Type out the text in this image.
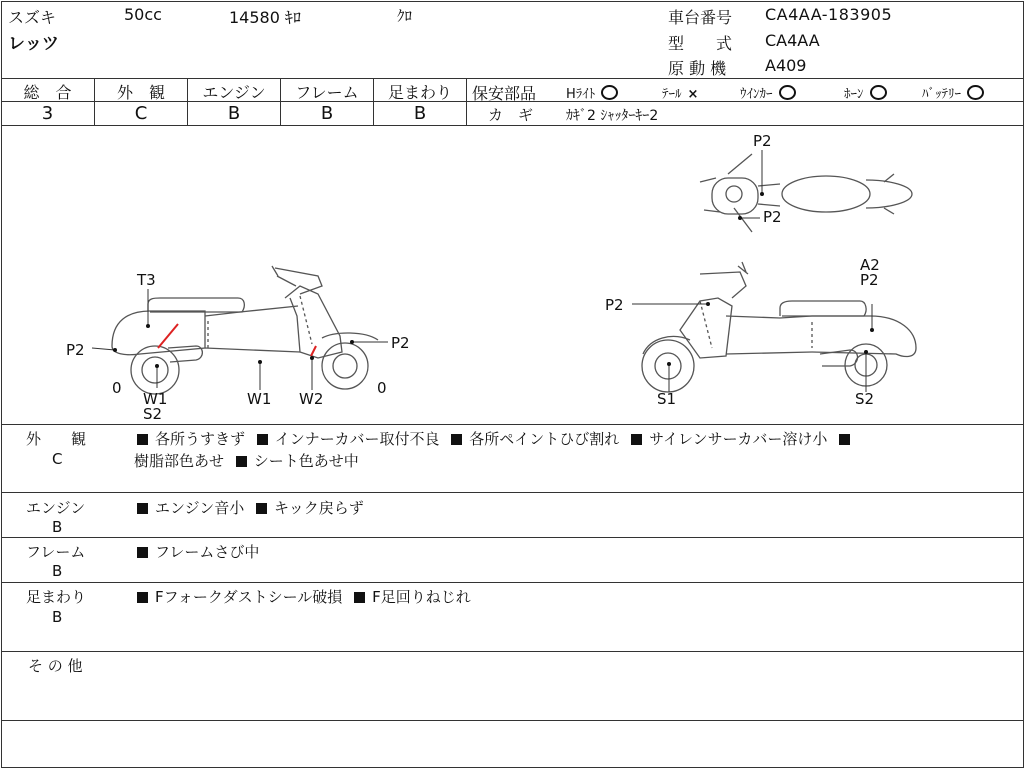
スズキ	50cc	14580 ｷﾛ	ｸﾛ
レッツ
車台番号 CA4AA-183905
型　　式 CA4AA
原 動 機 A409
総　合	外　観	エンジン	フレーム	足まわり
3	C	B	B	B
保安部品 Hﾗｲﾄ	ﾃｰﾙ ×	ｳｲﾝｶｰ	ﾎｰﾝ	ﾊﾞｯﾃﾘｰ
カ　ギ ｶｷﾞ2 ｼｬｯﾀｰｷｰ2
T3
P2	P2
0
W1
S2
W1 W2
0
P2
P2
A2
P2
P2
S1	S2
外　　観
C
各所うすきず インナーカバー取付不良 各所ペイントひび割れ サイレンサーカバー溶け小
樹脂部色あせ シート色あせ中
エンジン
B
エンジン音小 キック戻らず
フレーム
B
フレームさび中
足まわり
B
Fフォークダストシール破損 F足回りねじれ
そ の 他
